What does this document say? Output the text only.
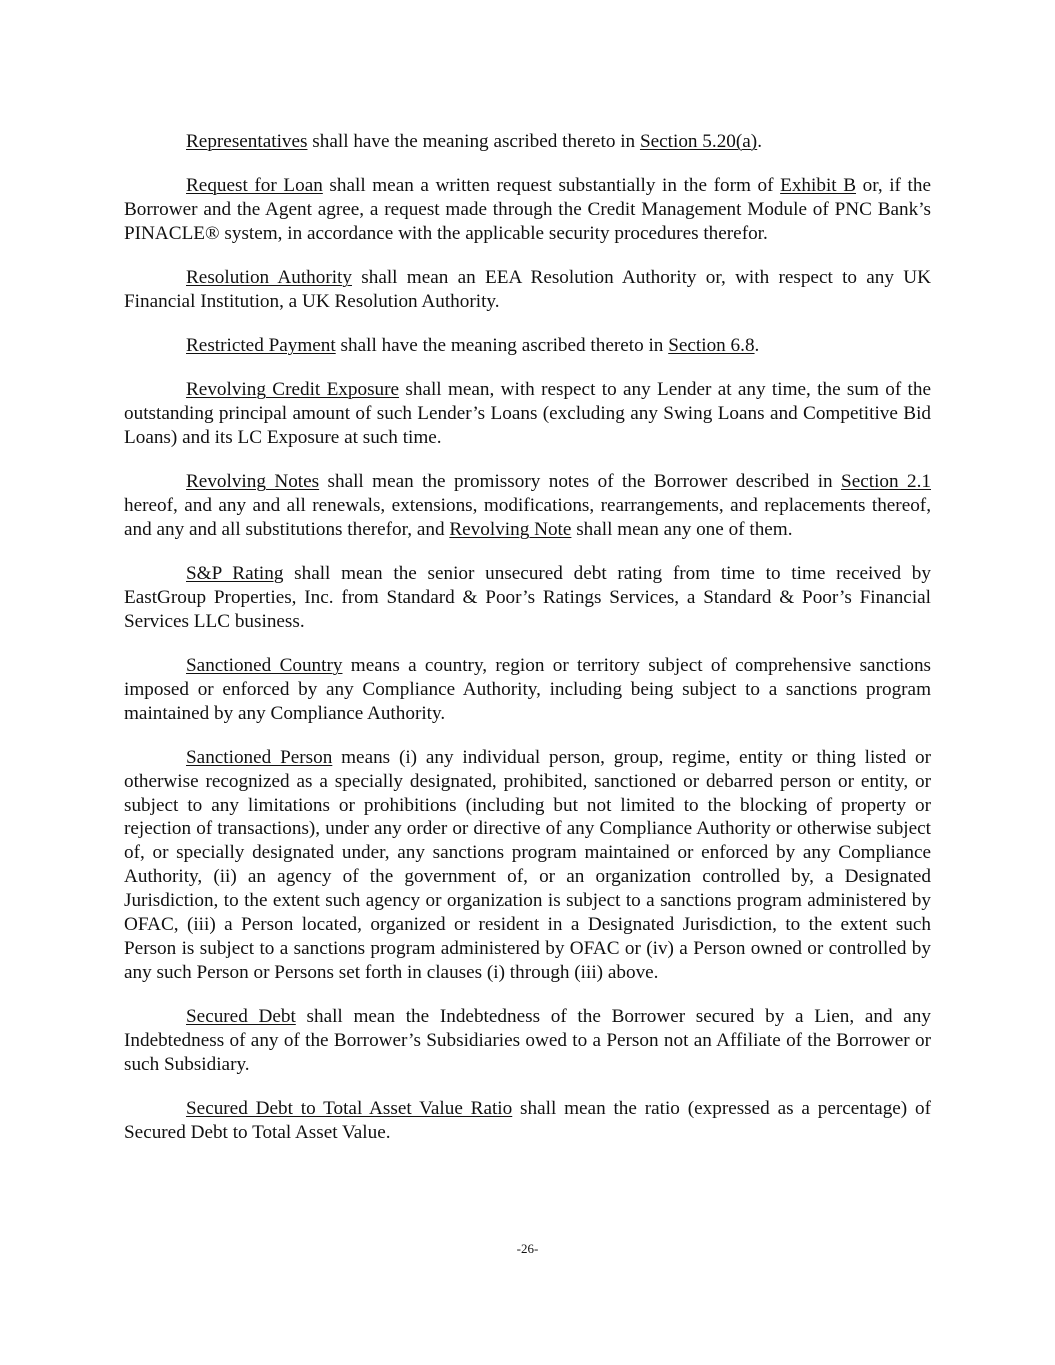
Representatives shall have the meaning ascribed thereto in Section 5.20(a).

Request for Loan shall mean a written request substantially in the form of Exhibit B or, if the Borrower and the Agent agree, a request made through the Credit Management Module of PNC Bank’s PINACLE® system, in accordance with the applicable security procedures therefor.

Resolution Authority shall mean an EEA Resolution Authority or, with respect to any UK Financial Institution, a UK Resolution Authority.

Restricted Payment shall have the meaning ascribed thereto in Section 6.8.

Revolving Credit Exposure shall mean, with respect to any Lender at any time, the sum of the outstanding principal amount of such Lender’s Loans (excluding any Swing Loans and Competitive Bid Loans) and its LC Exposure at such time.

Revolving Notes shall mean the promissory notes of the Borrower described in Section 2.1 hereof, and any and all renewals, extensions, modifications, rearrangements, and replacements thereof, and any and all substitutions therefor, and Revolving Note shall mean any one of them.

S&P Rating shall mean the senior unsecured debt rating from time to time received by EastGroup Properties, Inc. from Standard & Poor’s Ratings Services, a Standard & Poor’s Financial Services LLC business.

Sanctioned Country means a country, region or territory subject of comprehensive sanctions imposed or enforced by any Compliance Authority, including being subject to a sanctions program maintained by any Compliance Authority.

Sanctioned Person means (i) any individual person, group, regime, entity or thing listed or otherwise recognized as a specially designated, prohibited, sanctioned or debarred person or entity, or subject to any limitations or prohibitions (including but not limited to the blocking of property or rejection of transactions), under any order or directive of any Compliance Authority or otherwise subject of, or specially designated under, any sanctions program maintained or enforced by any Compliance Authority, (ii) an agency of the government of, or an organization controlled by, a Designated Jurisdiction, to the extent such agency or organization is subject to a sanctions program administered by OFAC, (iii) a Person located, organized or resident in a Designated Jurisdiction, to the extent such Person is subject to a sanctions program administered by OFAC or (iv) a Person owned or controlled by any such Person or Persons set forth in clauses (i) through (iii) above.

Secured Debt shall mean the Indebtedness of the Borrower secured by a Lien, and any Indebtedness of any of the Borrower’s Subsidiaries owed to a Person not an Affiliate of the Borrower or such Subsidiary.

Secured Debt to Total Asset Value Ratio shall mean the ratio (expressed as a percentage) of Secured Debt to Total Asset Value.

-26-
